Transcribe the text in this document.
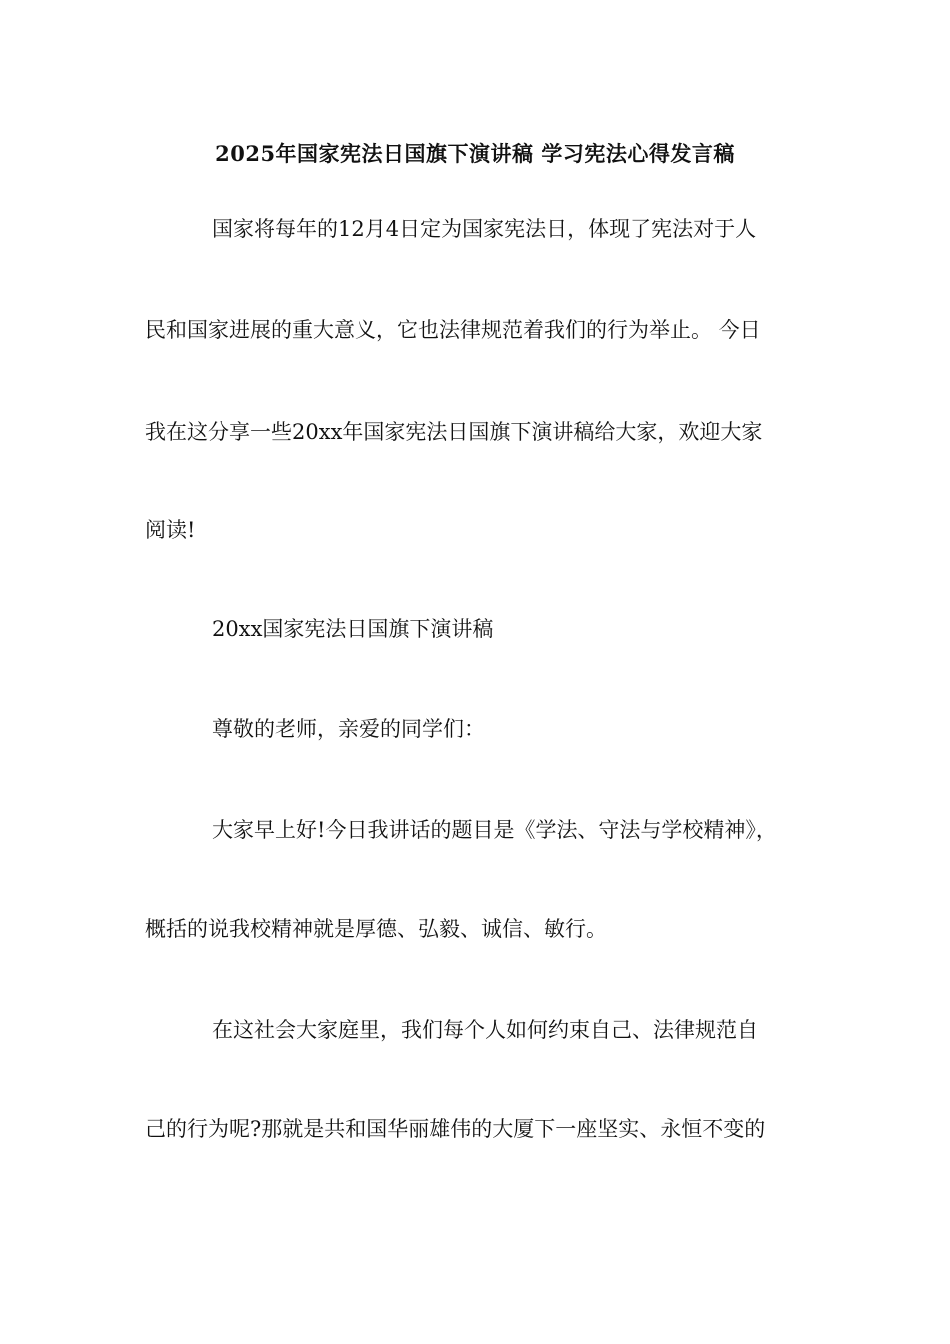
2025年国家宪法日国旗下演讲稿 学习宪法心得发言稿

国家将每年的12月4日定为国家宪法日，体现了宪法对于人

民和国家进展的重大意义，它也法律规范着我们的行为举止。 今日

我在这分享一些20xx年国家宪法日国旗下演讲稿给大家，欢迎大家

阅读!

20xx国家宪法日国旗下演讲稿

尊敬的老师，亲爱的同学们：

大家早上好!今日我讲话的题目是《学法、守法与学校精神》，

概括的说我校精神就是厚德、弘毅、诚信、敏行。

在这社会大家庭里，我们每个人如何约束自己、法律规范自

己的行为呢?那就是共和国华丽雄伟的大厦下一座坚实、永恒不变的
